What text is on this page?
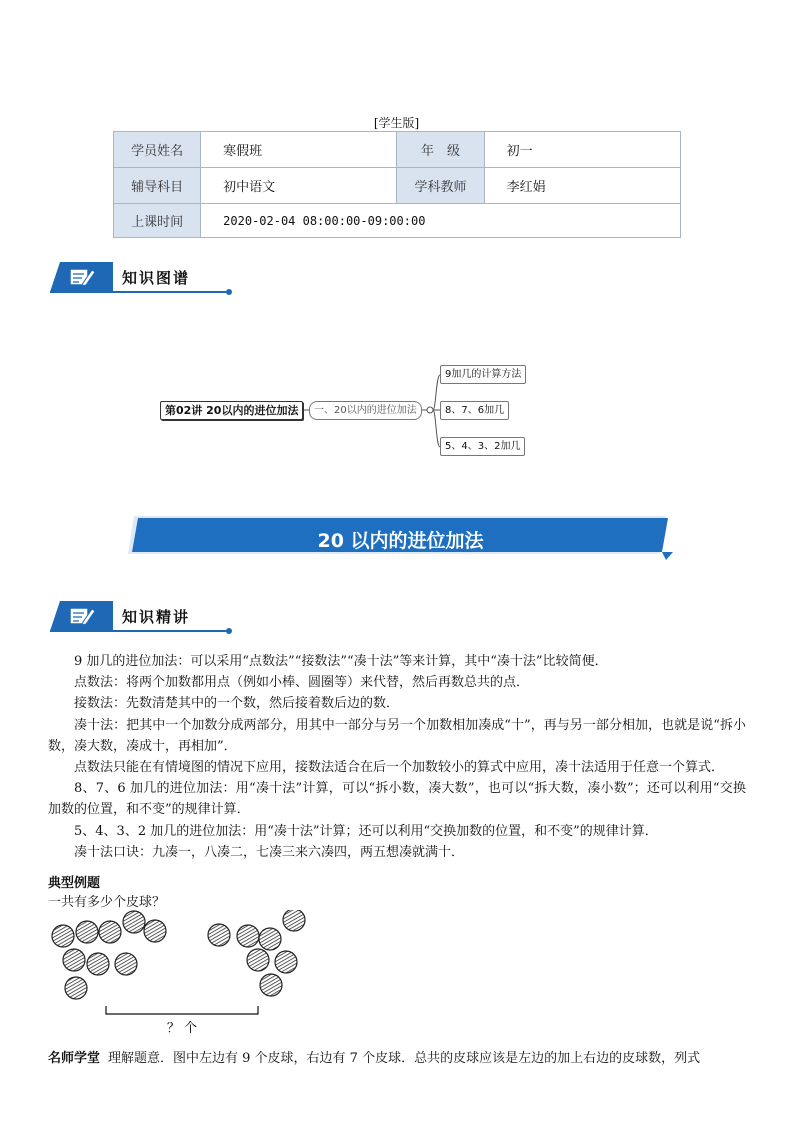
[学生版]
学员姓名	寒假班	年　级	初一
辅导科目	初中语文	学科教师	李红娟
上课时间	2020-02-04 08:00:00-09:00:00		
知识图谱
第02讲 20以内的进位加法	一、20以内的进位加法
9加几的计算方法
8、7、6加几
5、4、3、2加几
20 以内的进位加法
知识精讲

9 加几的进位加法：可以采用“点数法”“接数法”“凑十法”等来计算，其中“凑十法”比较简便．

点数法：将两个加数都用点（例如小棒、圆圈等）来代替，然后再数总共的点．

接数法：先数清楚其中的一个数，然后接着数后边的数．

凑十法：把其中一个加数分成两部分，用其中一部分与另一个加数相加凑成“十”，再与另一部分相加，也就是说“拆小数，凑大数，凑成十，再相加”．

点数法只能在有情境图的情况下应用，接数法适合在后一个加数较小的算式中应用，凑十法适用于任意一个算式．

8、7、6 加几的进位加法：用“凑十法”计算，可以“拆小数，凑大数”，也可以“拆大数，凑小数”；还可以利用“交换加数的位置，和不变”的规律计算．

5、4、3、2 加几的进位加法：用“凑十法”计算；还可以利用“交换加数的位置，和不变”的规律计算．

凑十法口诀：九凑一，八凑二，七凑三来六凑四，两五想凑就满十．

典型例题
一共有多少个皮球？
？ 个
名师学堂 理解题意．图中左边有 9 个皮球，右边有 7 个皮球．总共的皮球应该是左边的加上右边的皮球数，列式
